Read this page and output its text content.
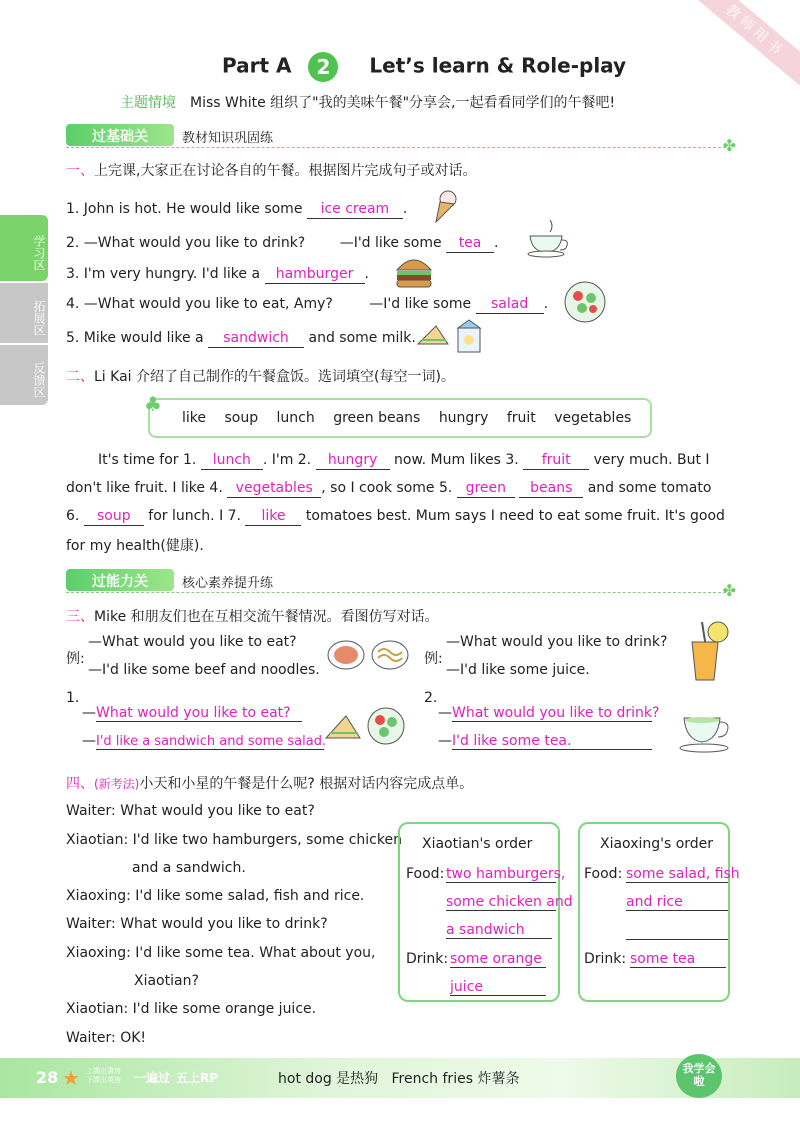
教师用书
Part A 2 Let’s learn & Role-play
主题情境 Miss White 组织了"我的美味午餐"分享会,一起看看同学们的午餐吧!
学习区
拓展区
反馈区
过基础关	教材知识巩固练	✤
一、上完课,大家正在讨论各自的午餐。根据图片完成句子或对话。
1. John is hot. He would like some ice cream .
2. —What would you like to drink? —I'd like some tea .
3. I'm very hungry. I'd like a hamburger .
4. —What would you like to eat, Amy?	—I'd like some salad .
5. Mike would like a sandwich and some milk.
二、Li Kai 介绍了自己制作的午餐盒饭。选词填空(每空一词)。
♣
like soup lunch green beans hungry fruit vegetables
It's time for 1. lunch . I'm 2. hungry now. Mum likes 3. fruit very much. But I
don't like fruit. I like 4. vegetables , so I cook some 5. green beans and some tomato
6. soup for lunch. I 7. like tomatoes best. Mum says I need to eat some fruit. It's good
for my health(健康).
过能力关	核心素养提升练	✤
三、Mike 和朋友们也在互相交流午餐情况。看图仿写对话。
例:
—What would you like to eat?
—I'd like some beef and noodles.
例:
—What would you like to drink?
—I'd like some juice.
1.
—What would you like to eat?
—I'd like a sandwich and some salad.
2.
—What would you like to drink?
—I'd like some tea.
四、(新考法)小天和小星的午餐是什么呢? 根据对话内容完成点单。
Waiter: What would you like to eat?
Xiaotian: I'd like two hamburgers, some chicken
and a sandwich.
Xiaoxing: I'd like some salad, fish and rice.
Waiter: What would you like to drink?
Xiaoxing: I'd like some tea. What about you,
Xiaotian?
Xiaotian: I'd like some orange juice.
Waiter: OK!
Xiaotian's order
Food: two hamburgers,
some chicken and
a sandwich
Drink: some orange
juice
Xiaoxing's order
Food: some salad, fish
and rice
Drink: some tea
28 ★ 上課出書房
下課出英房 一遍过 五上RP	hot dog 是热狗   French fries 炸薯条
我学会啦
